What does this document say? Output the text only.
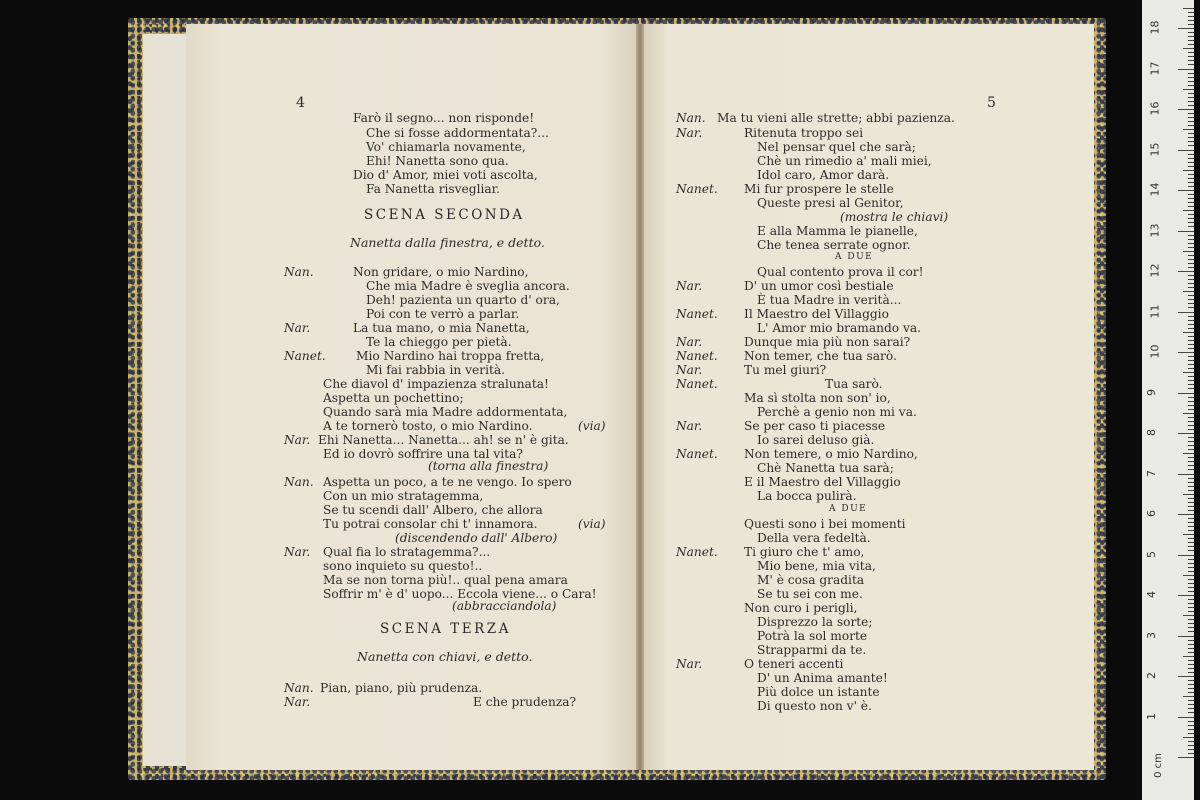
0 cm
1
2
3
4
5
6
7
8
9
10
11
12
13
14
15
16
17
18
Farò il segno... non risponde!
Che si fosse addormentata?...
Vo' chiamarla novamente,
Ehi! Nanetta sono qua.
Dio d' Amor, miei voti ascolta,
Fa Nanetta risvegliar.
Nan.	Non gridare, o mio Nardino,
Che mia Madre è sveglia ancora.
Deh! pazienta un quarto d' ora,
Poi con te verrò a parlar.
Nar.	La tua mano, o mia Nanetta,
Te la chieggo per pietà.
Nanet. Mio Nardino hai troppa fretta,
Mi fai rabbia in verità.
Che diavol d' impazienza stralunata!
Aspetta un pochettino;
Quando sarà mia Madre addormentata,
A te tornerò tosto, o mio Nardino.
Nar. Ehi Nanetta... Nanetta... ah! se n' è gita.
Ed io dovrò soffrire una tal vita?
Nan. Aspetta un poco, a te ne vengo. Io spero
Con un mio stratagemma,
Se tu scendi dall' Albero, che allora
Tu potrai consolar chi t' innamora.
Nar. Qual fia lo stratagemma?...
sono inquieto su questo!..
Ma se non torna più!.. qual pena amara
Soffrir m' è d' uopo... Eccola viene... o Cara!
Nan. Pian, piano, più prudenza.
Nar.	E che prudenza?
(via)
(torna alla finestra)
(via)
(discendendo dall' Albero)
(abbracciandola)
SCENA SECONDA
SCENA TERZA
Nanetta dalla finestra, e detto.
Nanetta con chiavi, e detto.
Nan. Ma tu vieni alle strette; abbi pazienza.
Nar.	Ritenuta troppo sei
Nel pensar quel che sarà;
Chè un rimedio a' mali miei,
Idol caro, Amor darà.
Nanet. Mi fur prospere le stelle
Queste presi al Genitor,
E alla Mamma le pianelle,
Che tenea serrate ognor.
Qual contento prova il cor!
Nar.	D' un umor così bestiale
È tua Madre in verità...
Nanet. Il Maestro del Villaggio
L' Amor mio bramando va.
Nar.	Dunque mia più non sarai?
Nanet. Non temer, che tua sarò.
Nar.	Tu mel giuri?
Nanet.	Tua sarò.
Ma sì stolta non son' io,
Perchè a genio non mi va.
Nar.	Se per caso ti piacesse
Io sarei deluso già.
Nanet. Non temere, o mio Nardino,
Chè Nanetta tua sarà;
E il Maestro del Villaggio
La bocca pulirà.
Questi sono i bei momenti
Della vera fedeltà.
Nanet. Ti giuro che t' amo,
Mio bene, mia vita,
M' è cosa gradita
Se tu sei con me.
Non curo i perigli,
Disprezzo la sorte;
Potrà la sol morte
Strapparmi da te.
Nar.	O teneri accenti
D' un Anima amante!
Più dolce un istante
Di questo non v' è.
(mostra le chiavi)
A DUE
A DUE
4	5
